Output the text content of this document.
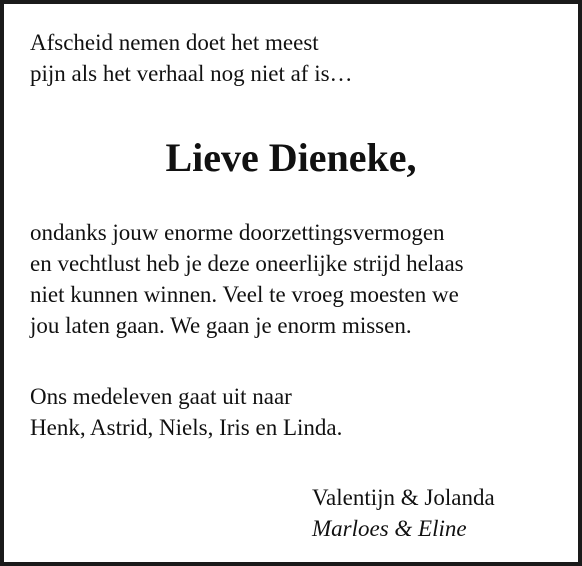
Afscheid nemen doet het meest
pijn als het verhaal nog niet af is…
Lieve Dieneke,
ondanks jouw enorme doorzettingsvermogen
en vechtlust heb je deze oneerlijke strijd helaas
niet kunnen winnen. Veel te vroeg moesten we
jou laten gaan. We gaan je enorm missen.
Ons medeleven gaat uit naar
Henk, Astrid, Niels, Iris en Linda.
Valentijn & Jolanda
Marloes & Eline
